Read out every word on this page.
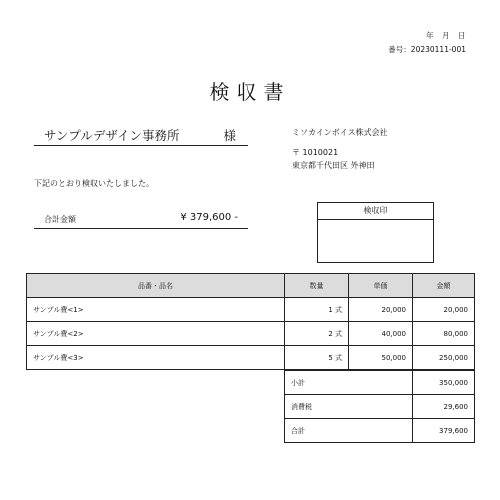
年　月　日
番号：20230111-001
検収書
サンプルデザイン事務所	様	ミソカインボイス株式会社
〒 1010021
東京都千代田区 外神田
下記のとおり検収いたしました。
合計金額	¥ 379,600 -
検収印
品番・品名	数量	単価	金額
サンプル費<1>	1 式	20,000	20,000
サンプル費<2>	2 式	40,000	80,000
サンプル費<3>	5 式	50,000	250,000
小計	350,000
消費税	29,600
合計	379,600
